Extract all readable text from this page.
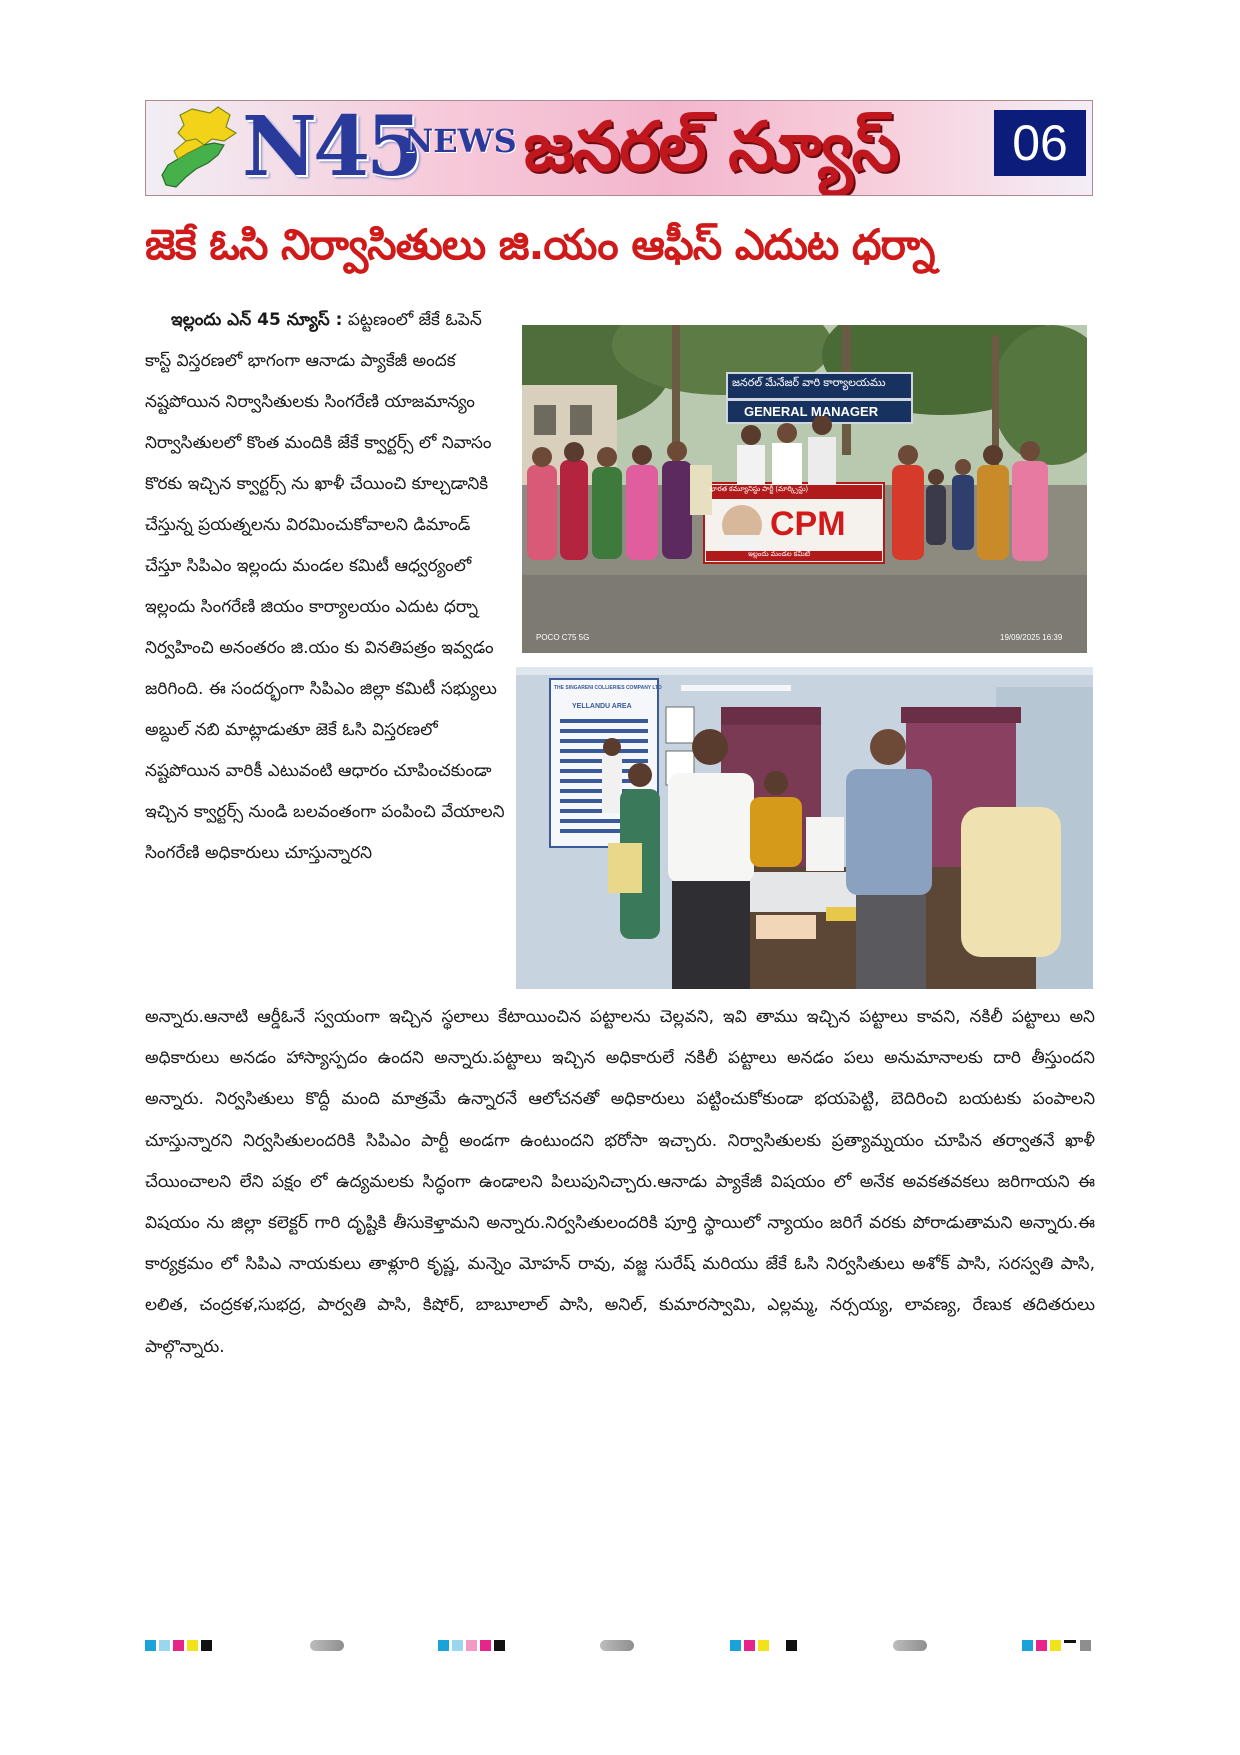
N45
NEWS జనరల్ న్యూస్	06
జెకే ఓసి నిర్వాసితులు జి.యం ఆఫీస్ ఎదుట ధర్నా

ఇల్లందు ఎన్ 45 న్యూస్ : పట్టణంలో జేకే ఓపెన్ కాస్ట్ విస్తరణలో భాగంగా ఆనాడు ప్యాకేజీ అందక నష్టపోయిన నిర్వాసితులకు సింగరేణి యాజమాన్యం నిర్వాసితులలో కొంత మందికి జేకే క్వార్టర్స్ లో నివాసం కొరకు ఇచ్చిన క్వార్టర్స్ ను ఖాళీ చేయించి కూల్చడానికి చేస్తున్న ప్రయత్నలను విరమించుకోవాలని డిమాండ్ చేస్తూ సిపిఎం ఇల్లందు మండల కమిటీ ఆధ్వర్యంలో ఇల్లందు సింగరేణి జియం కార్యాలయం ఎదుట ధర్నా నిర్వహించి అనంతరం జి.యం కు వినతిపత్రం ఇవ్వడం జరిగింది. ఈ సందర్భంగా సిపిఎం జిల్లా కమిటీ సభ్యులు అబ్దుల్ నబి మాట్లాడుతూ జెకే ఓసి విస్తరణలో నష్టపోయిన వారికీ ఎటువంటి ఆధారం చూపించకుండా ఇచ్చిన క్వార్టర్స్ నుండి బలవంతంగా పంపించి వేయాలని సింగరేణి అధికారులు చూస్తున్నారని

జనరల్ మేనేజర్ వారి కార్యాలయము
GENERAL MANAGER
భారత కమ్యూనిస్టు పార్టీ (మార్క్సిస్టు)
CPM
ఇల్లందు మండల కమిటీ
POCO C75 5G	19/09/2025 16:39
THE SINGARENI COLLIERIES COMPANY LTD
YELLANDU AREA

అన్నారు.ఆనాటి ఆర్డీఓనే స్వయంగా ఇచ్చిన స్థలాలు కేటాయించిన పట్టాలను చెల్లవని, ఇవి తాము ఇచ్చిన పట్టాలు కావని, నకిలీ పట్టాలు అని అధికారులు అనడం హాస్యాస్పదం ఉందని అన్నారు.పట్టాలు ఇచ్చిన అధికారులే నకిలీ పట్టాలు అనడం పలు అనుమానాలకు దారి తీస్తుందని అన్నారు. నిర్వసితులు కొద్దీ మంది మాత్రమే ఉన్నారనే ఆలోచనతో అధికారులు పట్టించుకోకుండా భయపెట్టి, బెదిరించి బయటకు పంపాలని చూస్తున్నారని నిర్వసితులందరికి సిపిఎం పార్టీ అండగా ఉంటుందని భరోసా ఇచ్చారు. నిర్వాసితులకు ప్రత్యామ్నయం చూపిన తర్వాతనే ఖాళీ చేయించాలని లేని పక్షం లో ఉద్యమలకు సిద్ధంగా ఉండాలని పిలుపునిచ్చారు.ఆనాడు ప్యాకేజీ విషయం లో అనేక అవకతవకలు జరిగాయని ఈ విషయం ను జిల్లా కలెక్టర్ గారి దృష్టికి తీసుకెళ్తామని అన్నారు.నిర్వసితులందరికి పూర్తి స్థాయిలో న్యాయం జరిగే వరకు పోరాడుతామని అన్నారు.ఈ కార్యక్రమం లో సిపిఎ నాయకులు తాళ్లూరి కృష్ణ, మన్నెం మోహన్ రావు, వజ్జ సురేష్ మరియు జేకే ఓసి నిర్వసితులు అశోక్ పాసి, సరస్వతి పాసి, లలిత, చంద్రకళ,సుభద్ర, పార్వతి పాసి, కిషోర్, బాబూలాల్ పాసి, అనిల్, కుమారస్వామి, ఎల్లమ్మ, నర్సయ్య, లావణ్య, రేణుక తదితరులు పాల్గొన్నారు.
